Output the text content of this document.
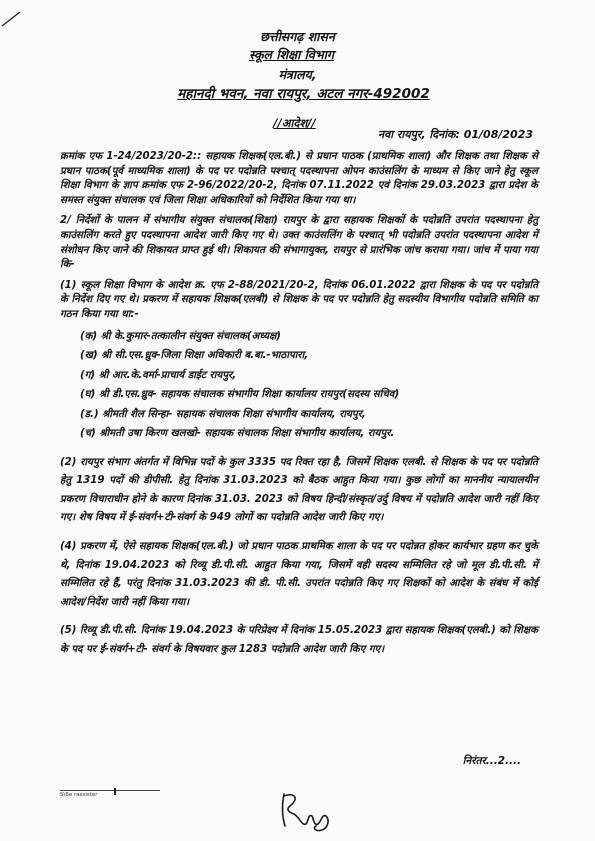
छत्तीसगढ़ शासन
स्कूल शिक्षा विभाग
मंत्रालय,
महानदी भवन, नवा रायपुर, अटल नगर-492002
//आदेश//
नवा रायपुर, दिनांक: 01/08/2023

क्रमांक एफ 1-24/2023/20-2:: सहायक शिक्षक(एल.बी.) से प्रधान पाठक (प्राथमिक शाला) और शिक्षक तथा शिक्षक से प्रधान पाठक(पूर्व माध्यमिक शाला) के पद पर पदोन्नति पश्चात् पदस्थापना ओपन काउंसलिंग के माध्यम से किए जाने हेतु स्कूल शिक्षा विभाग के ज्ञाप क्रमांक एफ 2-96/2022/20-2, दिनांक 07.11.2022 एवं दिनांक 29.03.2023 द्वारा प्रदेश के समस्त संयुक्त संचालक एवं जिला शिक्षा अधिकारियों को निर्देशित किया गया था।

2/ निर्देशों के पालन में संभागीय संयुक्त संचालक(शिक्षा) रायपुर के द्वारा सहायक शिक्षकों के पदोन्नति उपरांत पदस्थापना हेतु काउंसलिंग करते हुए पदस्थापना आदेश जारी किए गए थे। उक्त काउंसलिंग के पश्चात् भी पदोन्नति उपरांत पदस्थापना आदेश में संशोधन किए जाने की शिकायत प्राप्त हुई थी। शिकायत की संभागायुक्त, रायपुर से प्रारंभिक जांच कराया गया। जांच में पाया गया कि-

(1) स्कूल शिक्षा विभाग के आदेश क्र. एफ 2-88/2021/20-2, दिनांक 06.01.2022 द्वारा शिक्षक के पद पर पदोन्नति के निर्देश दिए गए थे। प्रकरण में सहायक शिक्षक(एलबी) से शिक्षक के पद पर पदोन्नति हेतु सदस्यीय विभागीय पदोन्नति समिति का गठन किया गया था:-

(क) श्री के.कुमार-तत्कालीन संयुक्त संचालक(अध्यक्ष)
(ख) श्री सी.एस.ध्रुव-जिला शिक्षा अधिकारी ब.बा.-भाठापारा,
(ग) श्री आर.के.वर्मा-प्राचार्य डाईट रायपुर,
(घ) श्री डी.एस.ध्रुव- सहायक संचालक संभागीय शिक्षा कार्यालय रायपुर(सदस्य सचिव)
(ड.) श्रीमती शैल सिन्हा- सहायक संचालक शिक्षा संभागीय कार्यालय, रायपुर,
(च) श्रीमती उषा किरण खलखो- सहायक संचालक शिक्षा संभागीय कार्यालय, रायपुर.

(2) रायपुर संभाग अंतर्गत में विभिन्न पदों के कुल 3335 पद रिक्त रहा है, जिसमें शिक्षक एलबी. से शिक्षक के पद पर पदोन्नति हेतु 1319 पदों की डीपीसी. हेतु दिनांक 31.03.2023 को बैठक आहुत किया गया। कुछ लोगों का माननीय न्यायालयीन प्रकरण विचाराधीन होने के कारण दिनांक 31.03. 2023 को विषय हिन्दी/संस्कृत/उर्दु विषय में पदोन्नति आदेश जारी नहीं किए गए। शेष विषय में ई-संवर्ग+टी-संवर्ग के 949 लोगों का पदोन्नति आदेश जारी किए गए।

(4) प्रकरण में, ऐसे सहायक शिक्षक(एल.बी.) जो प्रधान पाठक प्राथमिक शाला के पद पर पदोन्नत होकर कार्यभार ग्रहण कर चुके थे, दिनांक 19.04.2023 को रिव्यू डी.पी.सी. आहुत किया गया, जिसमें वही सदस्य सम्मिलित रहे जो मूल डी.पी.सी. में सम्मिलित रहे हैं, परंतु दिनांक 31.03.2023 की डी. पी.सी. उपरांत पदोन्नति किए गए शिक्षकों को आदेश के संबंध में कोई आदेश/निर्देश जारी नहीं किया गया।

(5) रिव्यू डी.पी.सी. दिनांक 19.04.2023 के परिप्रेक्ष्य में दिनांक 15.05.2023 द्वारा सहायक शिक्षक(एलबी.) को शिक्षक के पद पर ई-संवर्ग+टी- संवर्ग के विषयवार कुल 1283 पदोन्नति आदेश जारी किए गए।

निरंतर...2....
S\6e rassister
